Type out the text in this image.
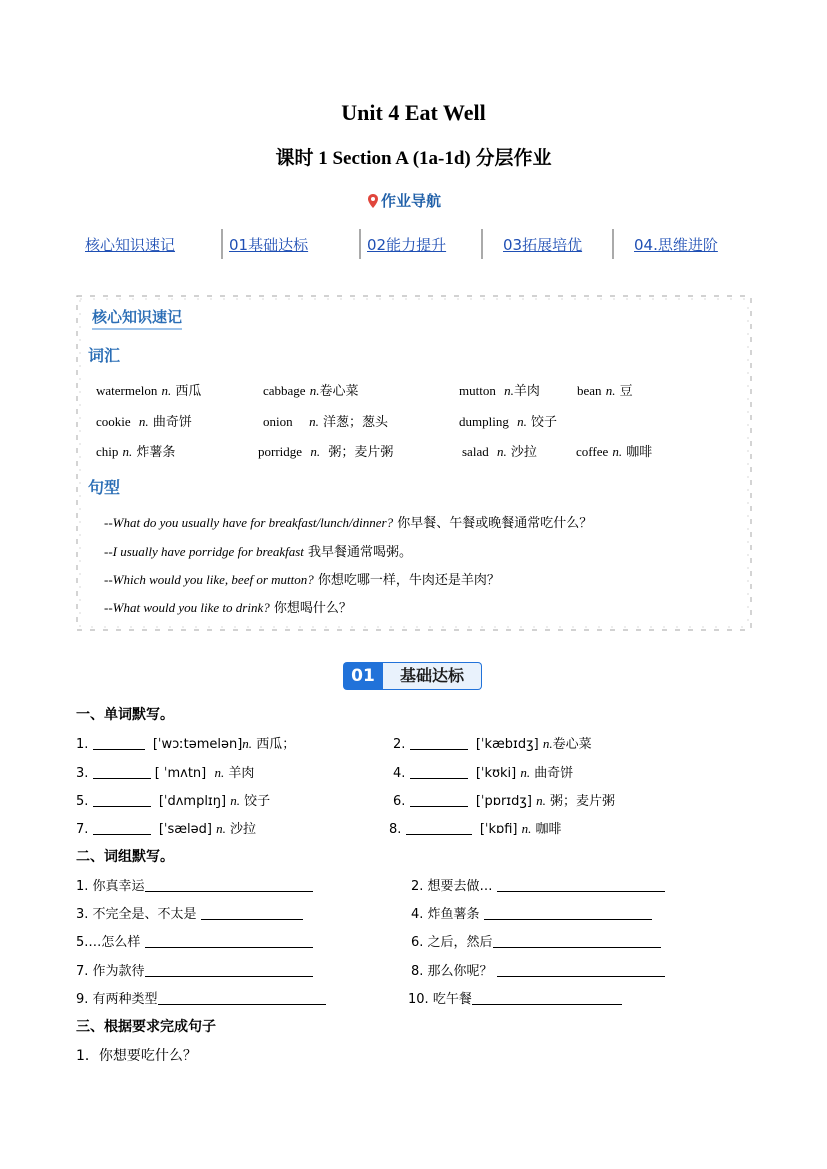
Unit 4 Eat Well
课时 1 Section A (1a-1d) 分层作业
作业导航
核心知识速记	01基础达标	02能力提升	03拓展培优	04.思维进阶
核心知识速记
词汇
watermelon n. 西瓜	cabbage n.卷心菜	mutton n.羊肉	bean n. 豆
cookie n. 曲奇饼	onion n. 洋葱；葱头	dumpling n. 饺子
chip n. 炸薯条	porridge n. 粥；麦片粥	salad n. 沙拉	coffee n. 咖啡
句型
--What do you usually have for breakfast/lunch/dinner? 你早餐、午餐或晚餐通常吃什么？
--I usually have porridge for breakfast 我早餐通常喝粥。
--Which would you like, beef or mutton? 你想吃哪一样，牛肉还是羊肉？
--What would you like to drink? 你想喝什么？
01	基础达标
一、单词默写。
1.	[ˈwɔːtəmelən]n. 西瓜；	2.	[ˈkæbɪdʒ] n.卷心菜
3.	[ ˈmʌtn] n. 羊肉	4.	[ˈkʊki] n. 曲奇饼
5.	[ˈdʌmplɪŋ] n. 饺子	6.	[ˈpɒrɪdʒ] n. 粥；麦片粥
7.	[ˈsæləd] n. 沙拉	8.	[ˈkɒfi] n. 咖啡
二、词组默写。
1. 你真幸运	2. 想要去做…
3. 不完全是、不太是	4. 炸鱼薯条
5.…怎么样	6. 之后，然后
7. 作为款待	8. 那么你呢？
9. 有两种类型	10. 吃午餐
三、根据要求完成句子
1．你想要吃什么？
